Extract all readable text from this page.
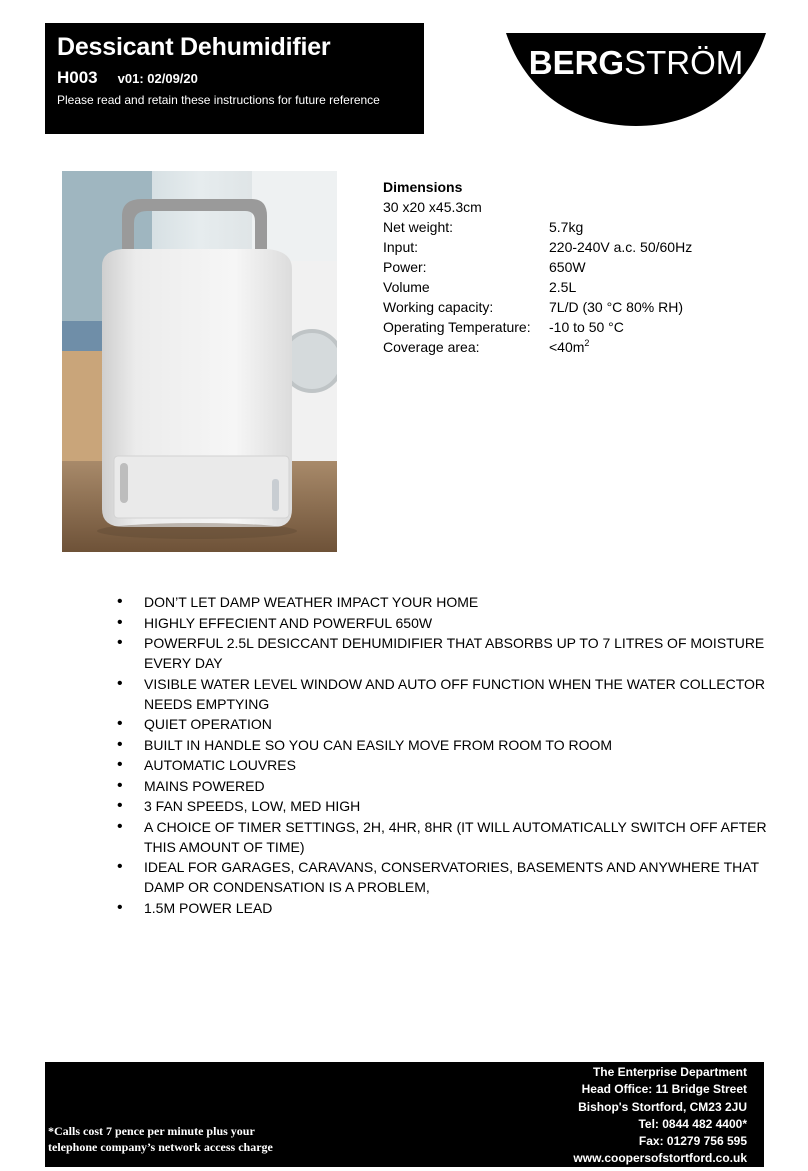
Dessicant Dehumidifier
H003 v01: 02/09/20
Please read and retain these instructions for future reference
BERGSTRÖM
Dimensions
30 x20 x45.3cm
Net weight:	5.7kg
Input:	220-240V a.c. 50/60Hz
Power:	650W
Volume	2.5L
Working capacity:	7L/D (30 °C 80% RH)
Operating Temperature: -10 to 50 °C
Coverage area:	$<40m^2$
• DON’T LET DAMP WEATHER IMPACT YOUR HOME
• HIGHLY EFFECIENT AND POWERFUL 650W
• POWERFUL 2.5L DESICCANT DEHUMIDIFIER THAT ABSORBS UP TO 7 LITRES OF MOISTURE EVERY DAY
• VISIBLE WATER LEVEL WINDOW AND AUTO OFF FUNCTION WHEN THE WATER COLLECTOR NEEDS EMPTYING
• QUIET OPERATION
• BUILT IN HANDLE SO YOU CAN EASILY MOVE FROM ROOM TO ROOM
• AUTOMATIC LOUVRES
• MAINS POWERED
• 3 FAN SPEEDS, LOW, MED HIGH
• A CHOICE OF TIMER SETTINGS, 2H, 4HR, 8HR (IT WILL AUTOMATICALLY SWITCH OFF AFTER THIS AMOUNT OF TIME)
• IDEAL FOR GARAGES, CARAVANS, CONSERVATORIES, BASEMENTS AND ANYWHERE THAT DAMP OR CONDENSATION IS A PROBLEM,
• 1.5M POWER LEAD
*Calls cost 7 pence per minute plus your
telephone company’s network access charge
The Enterprise Department
Head Office: 11 Bridge Street
Bishop's Stortford, CM23 2JU
Tel: 0844 482 4400*
Fax: 01279 756 595
www.coopersofstortford.co.uk
